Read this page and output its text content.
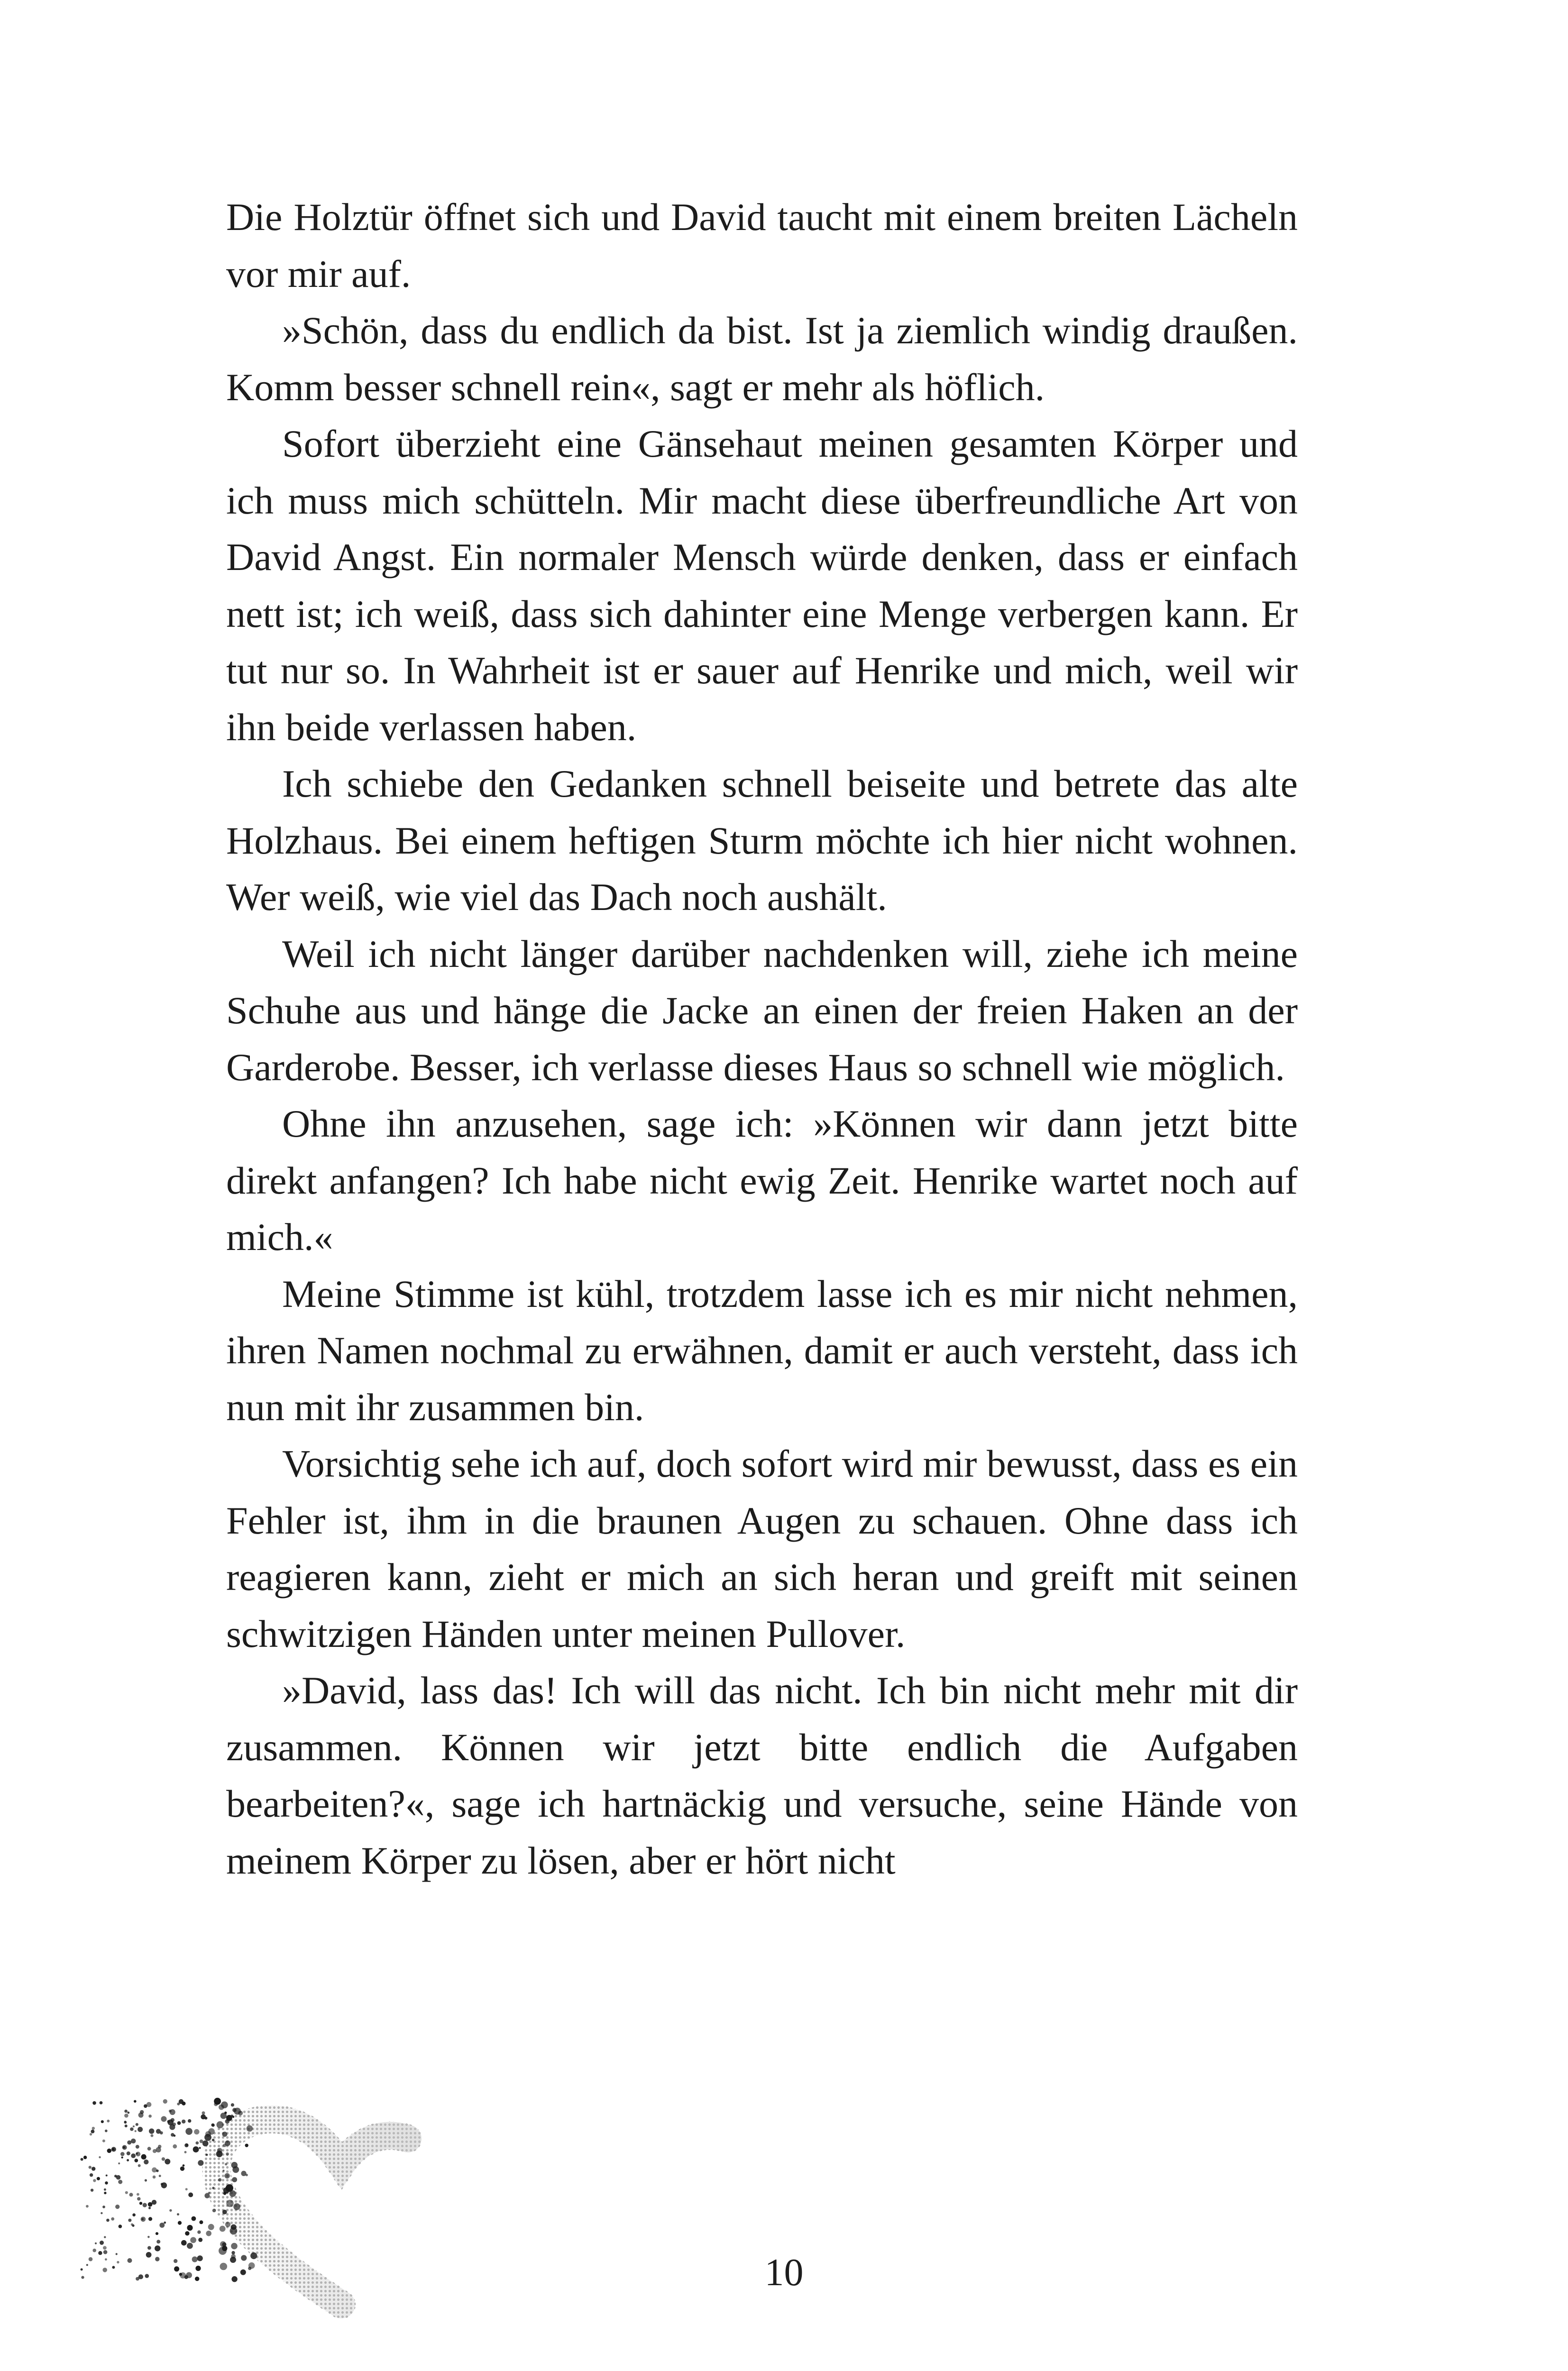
Die Holztür öffnet sich und David taucht mit einem breiten Lächeln vor mir auf.

»Schön, dass du endlich da bist. Ist ja ziemlich windig draußen. Komm besser schnell rein«, sagt er mehr als höflich.

Sofort überzieht eine Gänsehaut meinen gesamten Körper und ich muss mich schütteln. Mir macht diese überfreundliche Art von David Angst. Ein normaler Mensch würde denken, dass er einfach nett ist; ich weiß, dass sich dahinter eine Menge verbergen kann. Er tut nur so. In Wahrheit ist er sauer auf Henrike und mich, weil wir ihn beide verlassen haben.

Ich schiebe den Gedanken schnell beiseite und betrete das alte Holzhaus. Bei einem heftigen Sturm möchte ich hier nicht wohnen. Wer weiß, wie viel das Dach noch aushält.

Weil ich nicht länger darüber nachdenken will, ziehe ich meine Schuhe aus und hänge die Jacke an einen der freien Haken an der Garderobe. Besser, ich verlasse dieses Haus so schnell wie möglich.

Ohne ihn anzusehen, sage ich: »Können wir dann jetzt bitte direkt anfangen? Ich habe nicht ewig Zeit. Henrike wartet noch auf mich.«

Meine Stimme ist kühl, trotzdem lasse ich es mir nicht nehmen, ihren Namen nochmal zu erwähnen, damit er auch versteht, dass ich nun mit ihr zusammen bin.

Vorsichtig sehe ich auf, doch sofort wird mir bewusst, dass es ein Fehler ist, ihm in die braunen Augen zu schauen. Ohne dass ich reagieren kann, zieht er mich an sich heran und greift mit seinen schwitzigen Händen unter meinen Pullover.

»David, lass das! Ich will das nicht. Ich bin nicht mehr mit dir zusammen. Können wir jetzt bitte endlich die Aufgaben bearbeiten?«, sage ich hartnäckig und versuche, seine Hände von meinem Körper zu lösen, aber er hört nicht

10
